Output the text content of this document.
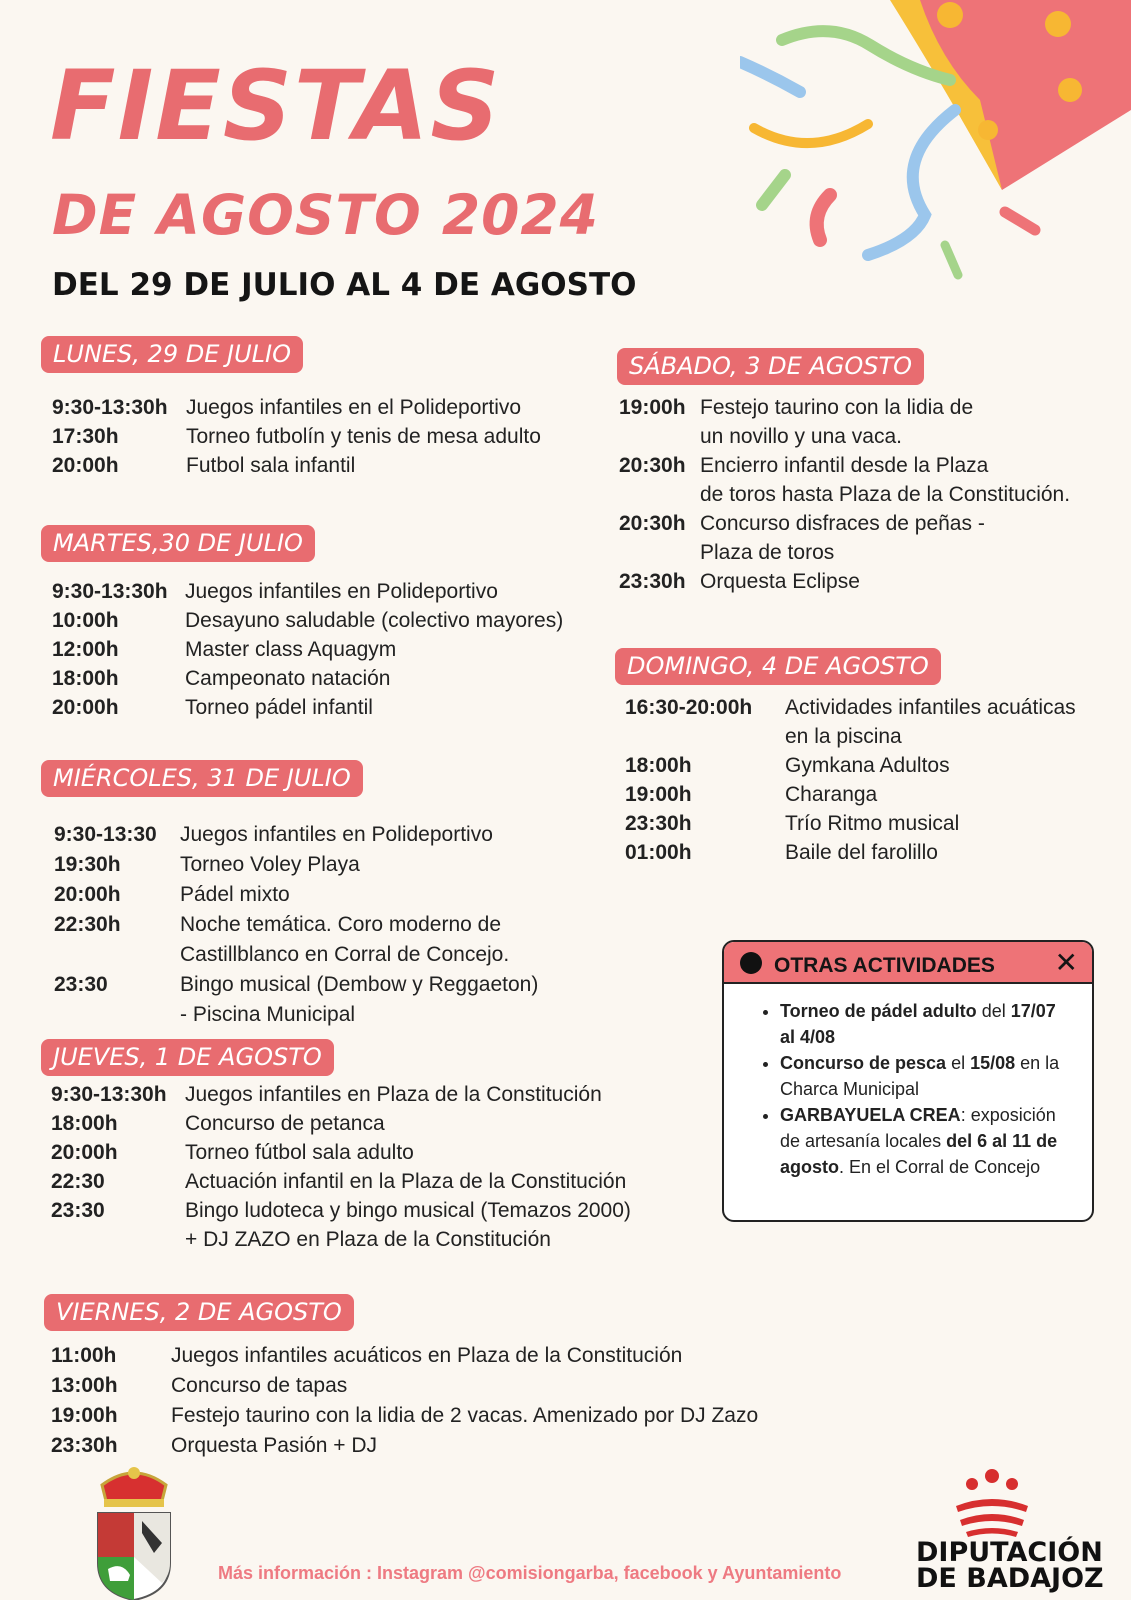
FIESTAS
DE AGOSTO 2024
DEL 29 DE JULIO AL 4 DE AGOSTO
LUNES, 29 DE JULIO
9:30-13:30h Juegos infantiles en el Polideportivo
17:30h	Torneo futbolín y tenis de mesa adulto
20:00h	Futbol sala infantil
MARTES,30 DE JULIO
9:30-13:30h Juegos infantiles en Polideportivo
10:00h	Desayuno saludable (colectivo mayores)
12:00h	Master class Aquagym
18:00h	Campeonato natación
20:00h	Torneo pádel infantil
MIÉRCOLES, 31 DE JULIO
9:30-13:30	Juegos infantiles en Polideportivo
19:30h	Torneo Voley Playa
20:00h	Pádel mixto
22:30h	Noche temática. Coro moderno de
Castillblanco en Corral de Concejo.
23:30	Bingo musical (Dembow y Reggaeton)
- Piscina Municipal
JUEVES, 1 DE AGOSTO
9:30-13:30h Juegos infantiles en Plaza de la Constitución
18:00h	Concurso de petanca
20:00h	Torneo fútbol sala adulto
22:30	Actuación infantil en la Plaza de la Constitución
23:30	Bingo ludoteca y bingo musical (Temazos 2000)
+ DJ ZAZO en Plaza de la Constitución
VIERNES, 2 DE AGOSTO
11:00h	Juegos infantiles acuáticos en Plaza de la Constitución
13:00h	Concurso de tapas
19:00h	Festejo taurino con la lidia de 2 vacas. Amenizado por DJ Zazo
23:30h	Orquesta Pasión + DJ
SÁBADO, 3 DE AGOSTO
19:00h Festejo taurino con la lidia de
un novillo y una vaca.
20:30h Encierro infantil desde la Plaza
de toros hasta Plaza de la Constitución.
20:30h Concurso disfraces de peñas -
Plaza de toros
23:30h Orquesta Eclipse
DOMINGO, 4 DE AGOSTO
16:30-20:00h	Actividades infantiles acuáticas
en la piscina
18:00h	Gymkana Adultos
19:00h	Charanga
23:30h	Trío Ritmo musical
01:00h	Baile del farolillo
OTRAS ACTIVIDADES ✕
• Torneo de pádel adulto del 17/07 al 4/08
• Concurso de pesca el 15/08 en la Charca Municipal
• GARBAYUELA CREA: exposición de artesanía locales del 6 al 11 de agosto. En el Corral de Concejo
Más información : Instagram @comisiongarba, facebook y Ayuntamiento
DIPUTACIÓN
DE BADAJOZ
